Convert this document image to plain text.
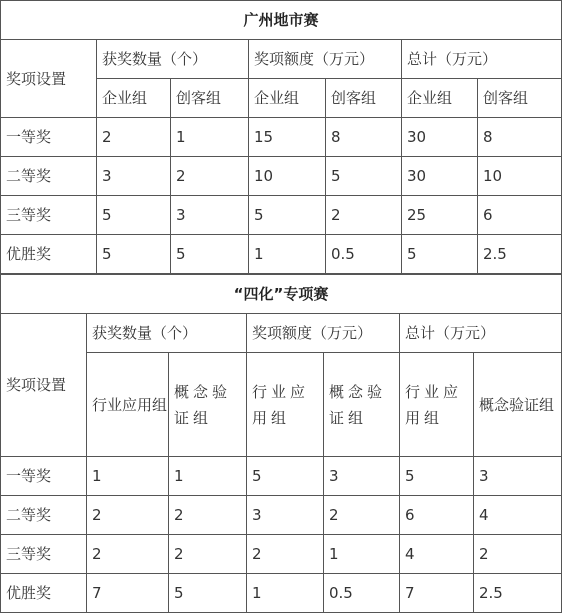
广州地市赛						
奖项设置	获奖数量（个）		奖项额度（万元）		总计（万元）	
	企业组	创客组	企业组	创客组	企业组	创客组
一等奖	2	1	15	8	30	8
二等奖	3	2	10	5	30	10
三等奖	5	3	5	2	25	6
优胜奖	5	5	1	0.5	5	2.5
“四化”专项赛						
奖项设置	获奖数量（个）		奖项额度（万元）		总计（万元）	
	行业应用组	概念验证组	行业应用组	概念验证组	行业应用组	概念验证组
一等奖	1	1	5	3	5	3
二等奖	2	2	3	2	6	4
三等奖	2	2	2	1	4	2
优胜奖	7	5	1	0.5	7	2.5
